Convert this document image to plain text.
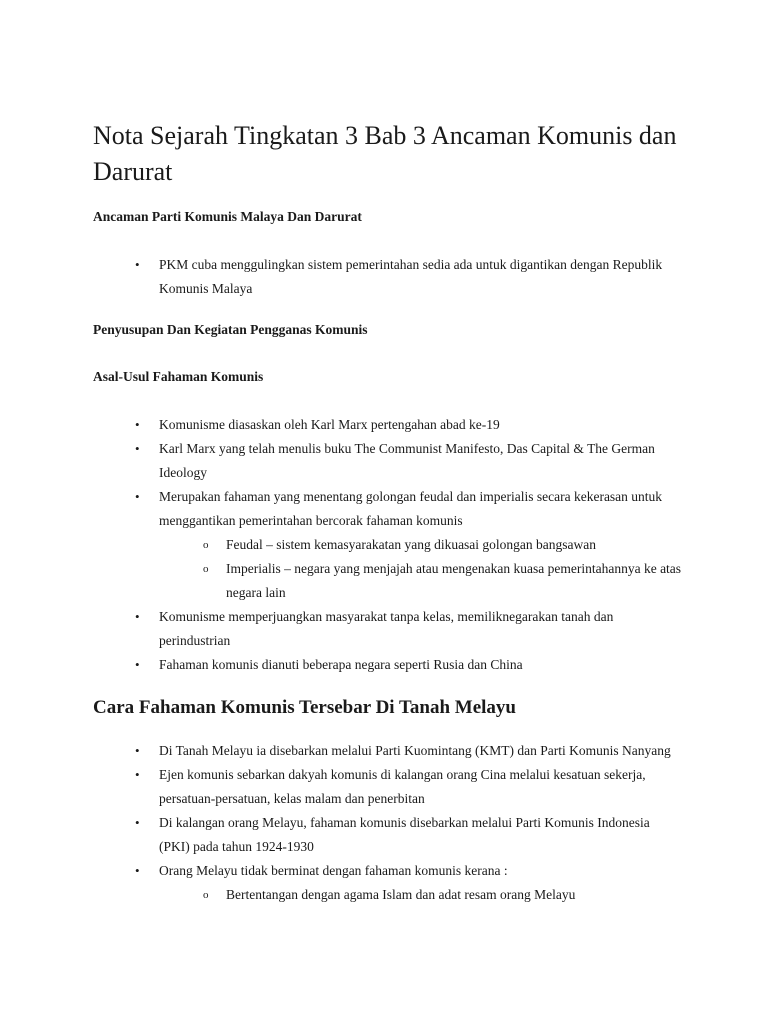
Nota Sejarah Tingkatan 3 Bab 3 Ancaman Komunis dan Darurat
Ancaman Parti Komunis Malaya Dan Darurat
• PKM cuba menggulingkan sistem pemerintahan sedia ada untuk digantikan dengan Republik Komunis Malaya
Penyusupan Dan Kegiatan Pengganas Komunis
Asal-Usul Fahaman Komunis
• Komunisme diasaskan oleh Karl Marx pertengahan abad ke-19
• Karl Marx yang telah menulis buku The Communist Manifesto, Das Capital & The German Ideology
• Merupakan fahaman yang menentang golongan feudal dan imperialis secara kekerasan untuk menggantikan pemerintahan bercorak fahaman komunis
o Feudal – sistem kemasyarakatan yang dikuasai golongan bangsawan
o Imperialis – negara yang menjajah atau mengenakan kuasa pemerintahannya ke atas negara lain
• Komunisme memperjuangkan masyarakat tanpa kelas, memiliknegarakan tanah dan perindustrian
• Fahaman komunis dianuti beberapa negara seperti Rusia dan China
Cara Fahaman Komunis Tersebar Di Tanah Melayu
• Di Tanah Melayu ia disebarkan melalui Parti Kuomintang (KMT) dan Parti Komunis Nanyang
• Ejen komunis sebarkan dakyah komunis di kalangan orang Cina melalui kesatuan sekerja, persatuan-persatuan, kelas malam dan penerbitan
• Di kalangan orang Melayu, fahaman komunis disebarkan melalui Parti Komunis Indonesia (PKI) pada tahun 1924-1930
• Orang Melayu tidak berminat dengan fahaman komunis kerana :
o Bertentangan dengan agama Islam dan adat resam orang Melayu
